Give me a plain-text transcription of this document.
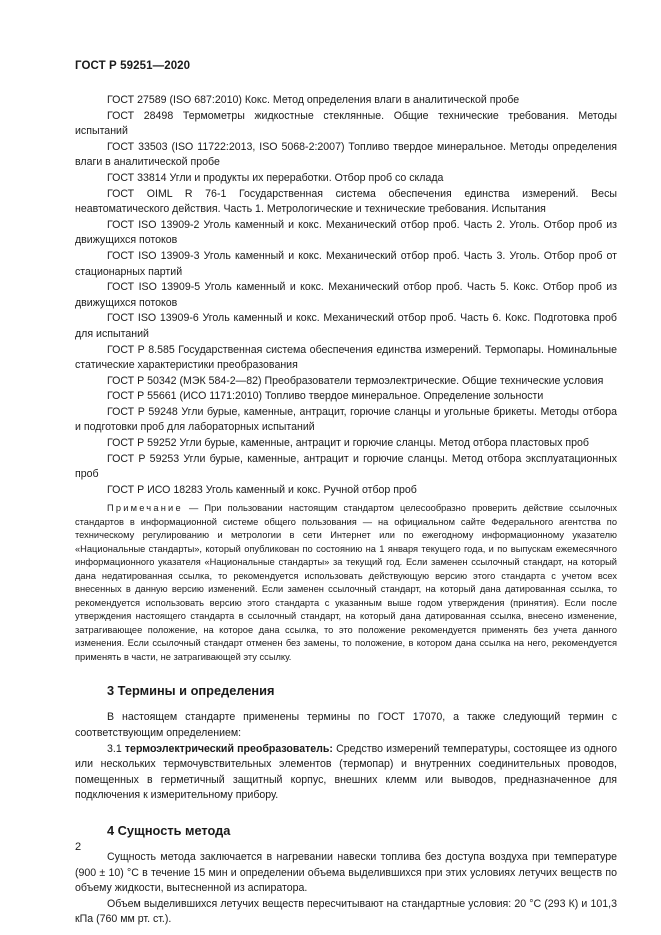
ГОСТ Р 59251—2020

ГОСТ 27589 (ISO 687:2010) Кокс. Метод определения влаги в аналитической пробе

ГОСТ 28498 Термометры жидкостные стеклянные. Общие технические требования. Методы испытаний

ГОСТ 33503 (ISO 11722:2013, ISO 5068-2:2007) Топливо твердое минеральное. Методы определения влаги в аналитической пробе

ГОСТ 33814 Угли и продукты их переработки. Отбор проб со склада

ГОСТ OIML R 76-1 Государственная система обеспечения единства измерений. Весы неавтоматического действия. Часть 1. Метрологические и технические требования. Испытания

ГОСТ ISO 13909-2 Уголь каменный и кокс. Механический отбор проб. Часть 2. Уголь. Отбор проб из движущихся потоков

ГОСТ ISO 13909-3 Уголь каменный и кокс. Механический отбор проб. Часть 3. Уголь. Отбор проб от стационарных партий

ГОСТ ISO 13909-5 Уголь каменный и кокс. Механический отбор проб. Часть 5. Кокс. Отбор проб из движущихся потоков

ГОСТ ISO 13909-6 Уголь каменный и кокс. Механический отбор проб. Часть 6. Кокс. Подготовка проб для испытаний

ГОСТ Р 8.585 Государственная система обеспечения единства измерений. Термопары. Номинальные статические характеристики преобразования

ГОСТ Р 50342 (МЭК 584-2—82) Преобразователи термоэлектрические. Общие технические условия

ГОСТ Р 55661 (ИСО 1171:2010) Топливо твердое минеральное. Определение зольности

ГОСТ Р 59248 Угли бурые, каменные, антрацит, горючие сланцы и угольные брикеты. Методы отбора и подготовки проб для лабораторных испытаний

ГОСТ Р 59252 Угли бурые, каменные, антрацит и горючие сланцы. Метод отбора пластовых проб

ГОСТ Р 59253 Угли бурые, каменные, антрацит и горючие сланцы. Метод отбора эксплуатационных проб

ГОСТ Р ИСО 18283 Уголь каменный и кокс. Ручной отбор проб

Примечание — При пользовании настоящим стандартом целесообразно проверить действие ссылочных стандартов в информационной системе общего пользования — на официальном сайте Федерального агентства по техническому регулированию и метрологии в сети Интернет или по ежегодному информационному указателю «Национальные стандарты», который опубликован по состоянию на 1 января текущего года, и по выпускам ежемесячного информационного указателя «Национальные стандарты» за текущий год. Если заменен ссылочный стандарт, на который дана недатированная ссылка, то рекомендуется использовать действующую версию этого стандарта с учетом всех внесенных в данную версию изменений. Если заменен ссылочный стандарт, на который дана датированная ссылка, то рекомендуется использовать версию этого стандарта с указанным выше годом утверждения (принятия). Если после утверждения настоящего стандарта в ссылочный стандарт, на который дана датированная ссылка, внесено изменение, затрагивающее положение, на которое дана ссылка, то это положение рекомендуется применять без учета данного изменения. Если ссылочный стандарт отменен без замены, то положение, в котором дана ссылка на него, рекомендуется применять в части, не затрагивающей эту ссылку.

3 Термины и определения

В настоящем стандарте применены термины по ГОСТ 17070, а также следующий термин с соответствующим определением:

3.1 термоэлектрический преобразователь: Средство измерений температуры, состоящее из одного или нескольких термочувствительных элементов (термопар) и внутренних соединительных проводов, помещенных в герметичный защитный корпус, внешних клемм или выводов, предназначенное для подключения к измерительному прибору.

4 Сущность метода

Сущность метода заключается в нагревании навески топлива без доступа воздуха при температуре (900 ± 10) °С в течение 15 мин и определении объема выделившихся при этих условиях летучих веществ по объему жидкости, вытесненной из аспиратора.

Объем выделившихся летучих веществ пересчитывают на стандартные условия: 20 °С (293 К) и 101,3 кПа (760 мм рт. ст.).

2
